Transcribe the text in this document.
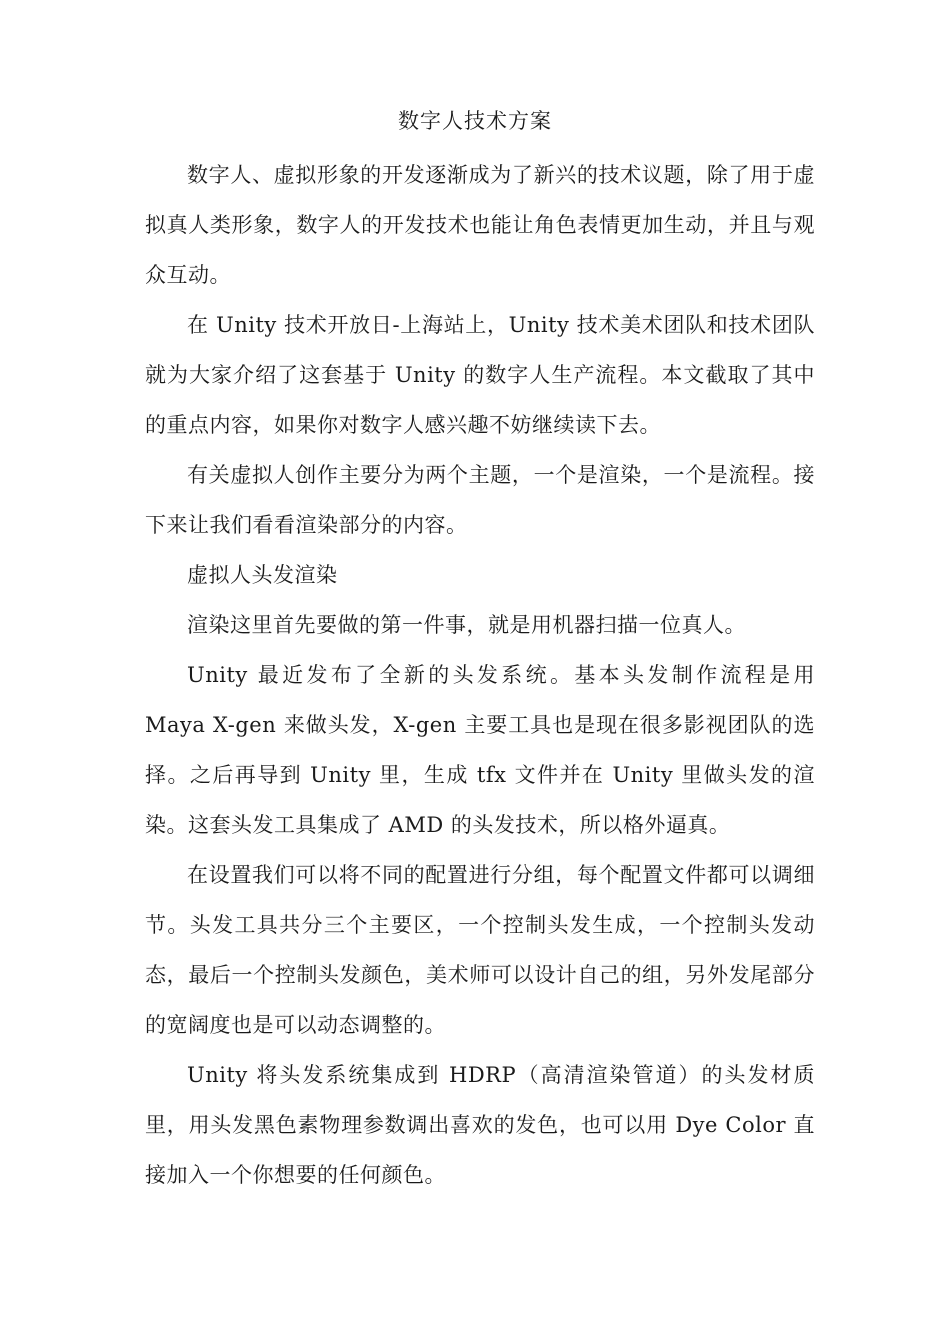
数字人技术方案

数字人、虚拟形象的开发逐渐成为了新兴的技术议题，除了用于虚拟真人类形象，数字人的开发技术也能让角色表情更加生动，并且与观众互动。

在 Unity 技术开放日-上海站上，Unity 技术美术团队和技术团队就为大家介绍了这套基于 Unity 的数字人生产流程。本文截取了其中的重点内容，如果你对数字人感兴趣不妨继续读下去。

有关虚拟人创作主要分为两个主题，一个是渲染，一个是流程。接下来让我们看看渲染部分的内容。

虚拟人头发渲染

渲染这里首先要做的第一件事，就是用机器扫描一位真人。

Unity 最近发布了全新的头发系统。基本头发制作流程是用 Maya X-gen 来做头发，X-gen 主要工具也是现在很多影视团队的选择。之后再导到 Unity 里，生成 tfx 文件并在 Unity 里做头发的渲染。这套头发工具集成了 AMD 的头发技术，所以格外逼真。

在设置我们可以将不同的配置进行分组，每个配置文件都可以调细节。头发工具共分三个主要区，一个控制头发生成，一个控制头发动态，最后一个控制头发颜色，美术师可以设计自己的组，另外发尾部分的宽阔度也是可以动态调整的。

Unity 将头发系统集成到 HDRP（高清渲染管道）的头发材质里，用头发黑色素物理参数调出喜欢的发色，也可以用 Dye Color 直接加入一个你想要的任何颜色。
